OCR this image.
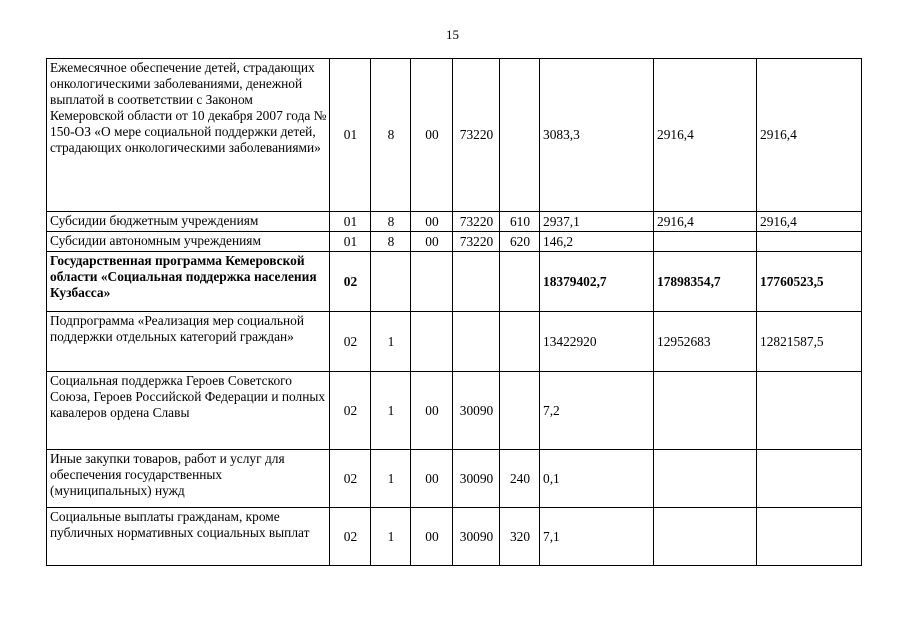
15
Ежемесячное обеспечение детей, страдающих онкологическими заболеваниями, денежной выплатой в соответствии с Законом Кемеровской области от 10 декабря 2007 года № 150-ОЗ «О мере социальной поддержки детей, страдающих онкологическими заболеваниями»	01	8	00	73220		3083,3	2916,4	2916,4
Субсидии бюджетным учреждениям	01	8	00	73220	610	2937,1	2916,4	2916,4
Субсидии автономным учреждениям	01	8	00	73220	620	146,2		
Государственная программа Кемеровской области «Социальная поддержка населения Кузбасса»	02					18379402,7	17898354,7	17760523,5
Подпрограмма «Реализация мер социальной поддержки отдельных категорий граждан»	02	1				13422920	12952683	12821587,5
Социальная поддержка Героев Советского Союза, Героев Российской Федерации и полных кавалеров ордена Славы	02	1	00	30090		7,2		
Иные закупки товаров, работ и услуг для обеспечения государственных (муниципальных) нужд	02	1	00	30090	240	0,1		
Социальные выплаты гражданам, кроме публичных нормативных социальных выплат	02	1	00	30090	320	7,1		
